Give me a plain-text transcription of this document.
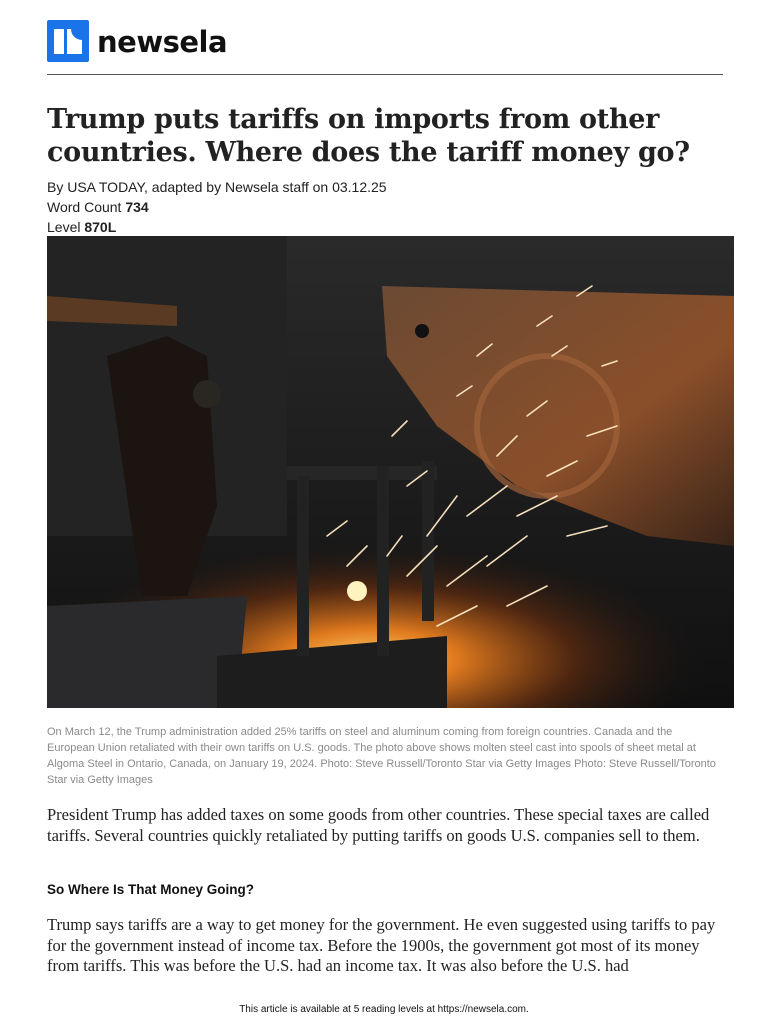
newsela
Trump puts tariffs on imports from other countries. Where does the tariff money go?
By USA TODAY, adapted by Newsela staff on 03.12.25
Word Count 734
Level 870L

On March 12, the Trump administration added 25% tariffs on steel and aluminum coming from foreign countries. Canada and the European Union retaliated with their own tariffs on U.S. goods. The photo above shows molten steel cast into spools of sheet metal at Algoma Steel in Ontario, Canada, on January 19, 2024. Photo: Steve Russell/Toronto Star via Getty Images Photo: Steve Russell/Toronto Star via Getty Images

President Trump has added taxes on some goods from other countries. These special taxes are called tariffs. Several countries quickly retaliated by putting tariffs on goods U.S. companies sell to them.

So Where Is That Money Going?

Trump says tariffs are a way to get money for the government. He even suggested using tariffs to pay for the government instead of income tax. Before the 1900s, the government got most of its money from tariffs. This was before the U.S. had an income tax. It was also before the U.S. had

This article is available at 5 reading levels at https://newsela.com.
